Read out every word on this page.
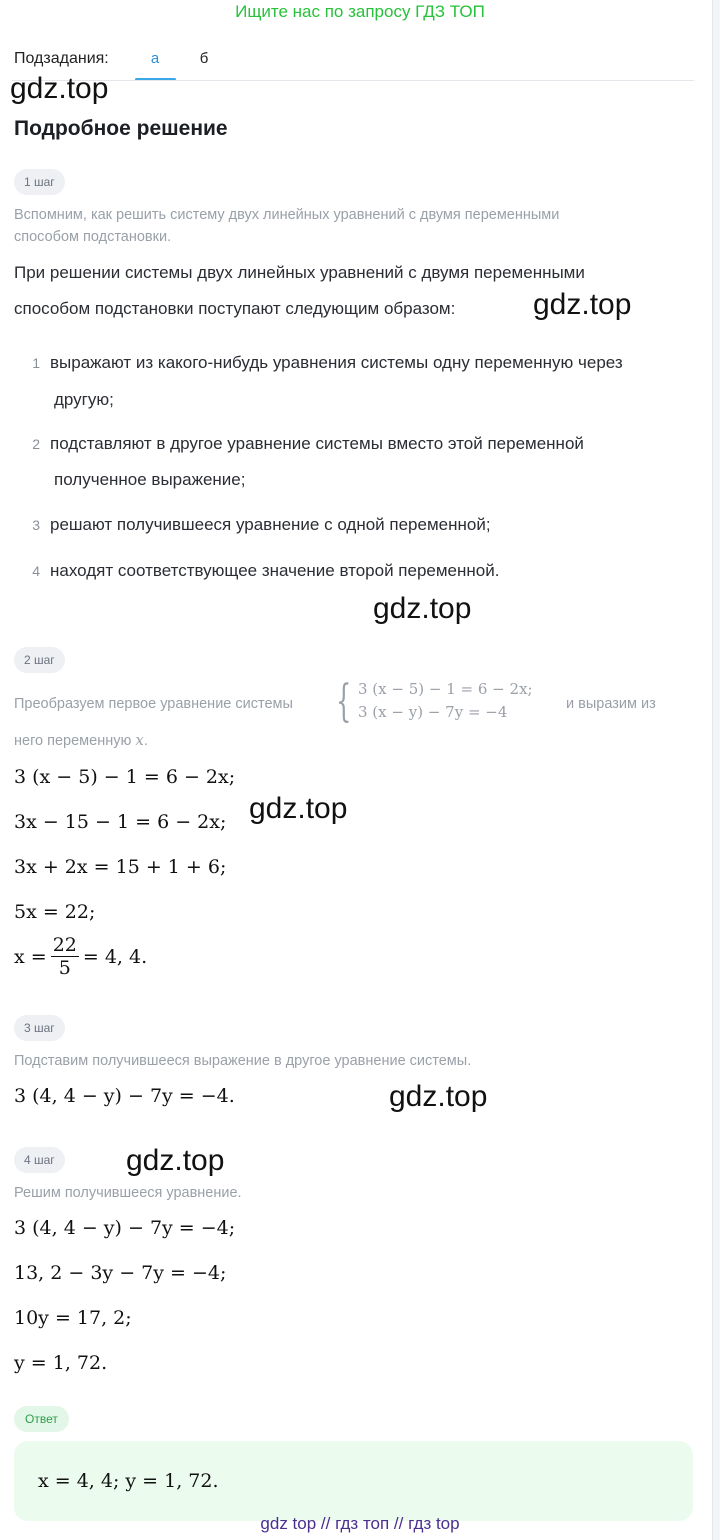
Ищите нас по запросу ГДЗ ТОП
Подзадания:	а	б
gdz.top
Подробное решение
1 шаг
Вспомним, как решить систему двух линейных уравнений с двумя переменными
способом подстановки.
При решении системы двух линейных уравнений с двумя переменными
способом подстановки поступают следующим образом:	gdz.top
1 выражают из какого-нибудь уравнения системы одну переменную через
другую;
2 подставляют в другое уравнение системы вместо этой переменной
полученное выражение;
3 решают получившееся уравнение с одной переменной;
4 находят соответствующее значение второй переменной.
gdz.top
2 шаг
Преобразуем первое уравнение системы { 3 (x − 5) − 1 = 6 − 2x;
3 (x − y) − 7y = −4	и выразим из
него переменную x.
3 (x − 5) − 1 = 6 − 2x;
gdz.top
3x − 15 − 1 = 6 − 2x;
3x + 2x = 15 + 1 + 6;
5x = 22;
$x = \frac{22}{5} = 4$, 4.
3 шаг
Подставим получившееся выражение в другое уравнение системы.
3 (4, 4 − y) − 7y = −4.	gdz.top
4 шаг	gdz.top
Решим получившееся уравнение.
3 (4, 4 − y) − 7y = −4;
13, 2 − 3y − 7y = −4;
10y = 17, 2;
y = 1, 72.
Ответ
x = 4, 4; y = 1, 72.
gdz top // гдз топ // гдз top
